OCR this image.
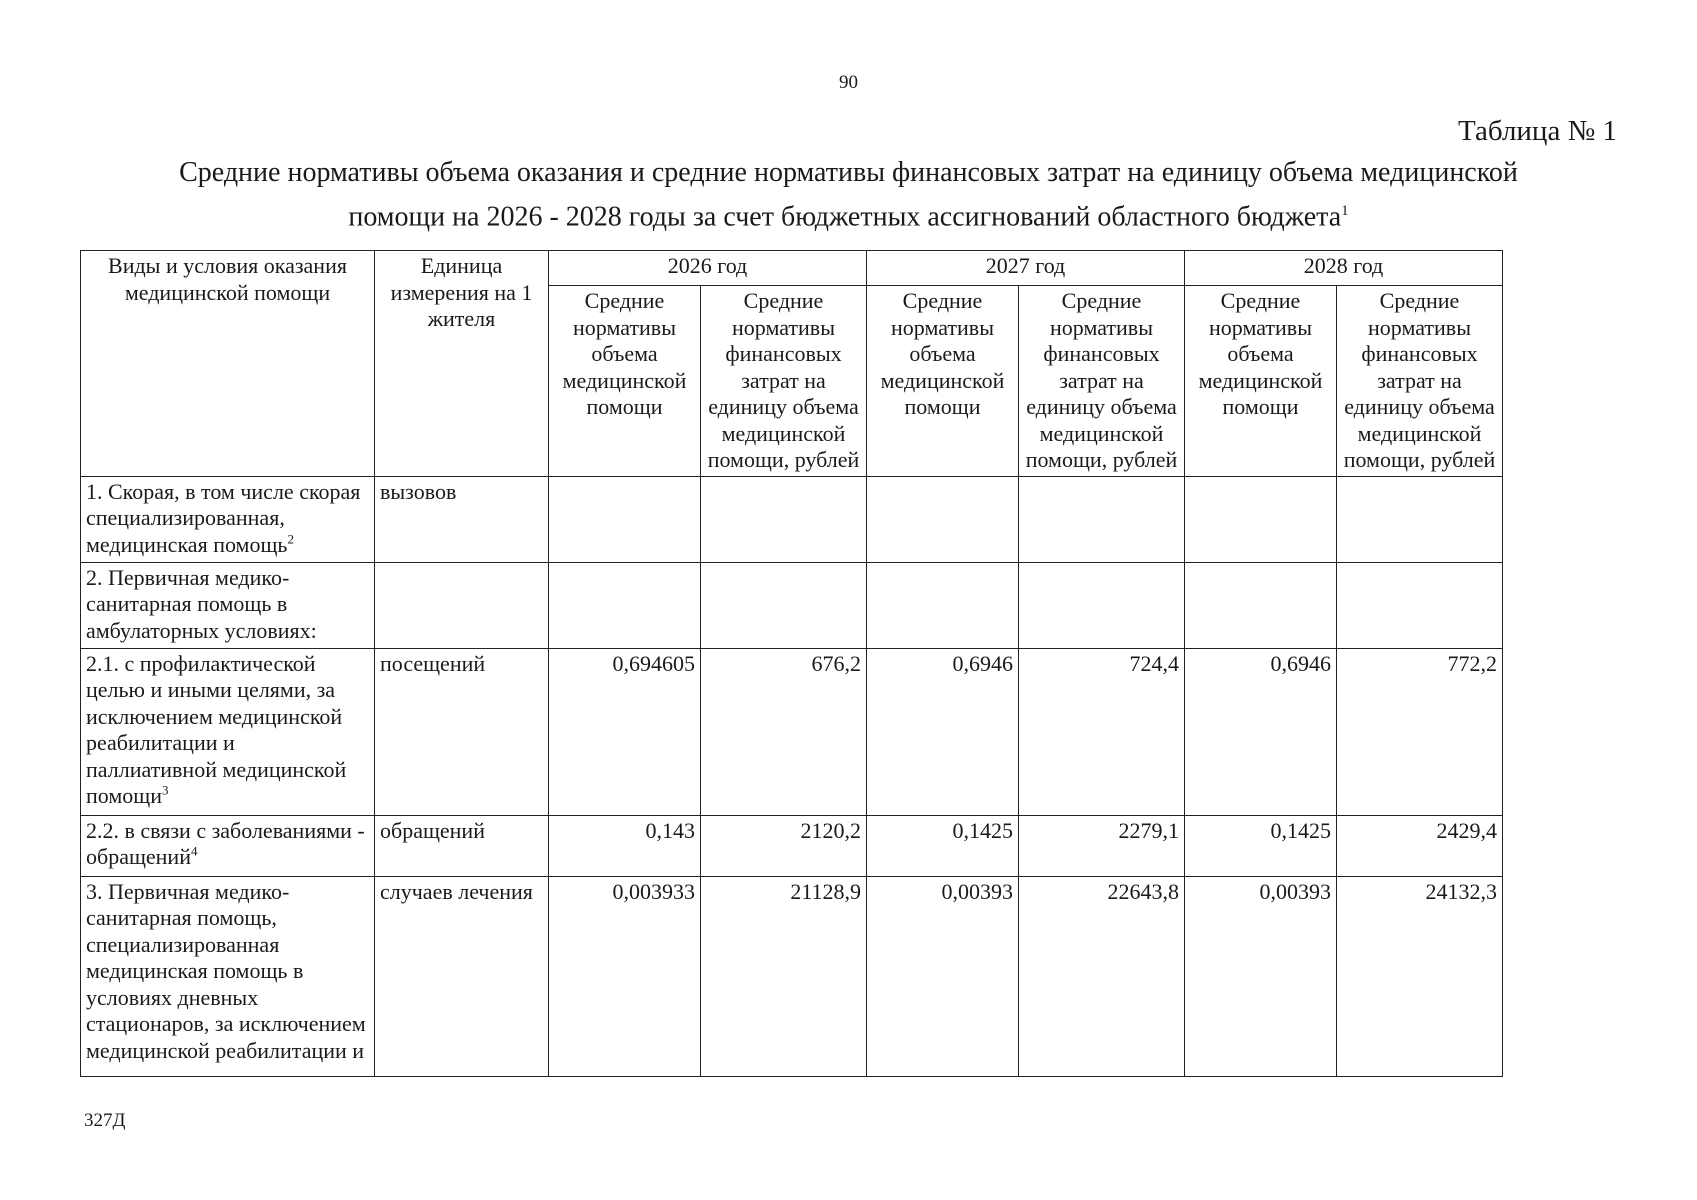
90
Таблица № 1
Средние нормативы объема оказания и средние нормативы финансовых затрат на единицу объема медицинской
помощи на 2026 - 2028 годы за счет бюджетных ассигнований областного бюджета$^1$
Виды и условия оказания медицинской помощи	Единица измерения на 1 жителя	2026 год		2027 год		2028 год	
		Средние нормативы объема медицинской помощи	Средние нормативы финансовых затрат на единицу объема медицинской помощи, рублей	Средние нормативы объема медицинской помощи	Средние нормативы финансовых затрат на единицу объема медицинской помощи, рублей	Средние нормативы объема медицинской помощи	Средние нормативы финансовых затрат на единицу объема медицинской помощи, рублей
1. Скорая, в том числе скорая специализированная, медицинская помощь$^2$	вызовов						
2. Первичная медико-санитарная помощь в амбулаторных условиях:							
2.1. с профилактической целью и иными целями, за исключением медицинской реабилитации и паллиативной медицинской помощи$^3$	посещений	0,694605	676,2	0,6946	724,4	0,6946	772,2
2.2. в связи с заболеваниями - обращений$^4$	обращений	0,143	2120,2	0,1425	2279,1	0,1425	2429,4
3. Первичная медико-санитарная помощь, специализированная медицинская помощь в условиях дневных стационаров, за исключением медицинской реабилитации и	случаев лечения	0,003933	21128,9	0,00393	22643,8	0,00393	24132,3
327Д
